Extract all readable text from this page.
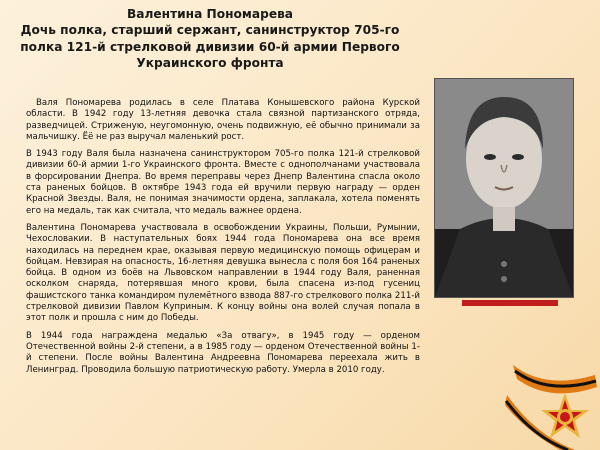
Валентина Пономарева
Дочь полка, старший сержант, санинструктор 705-го
полка 121-й стрелковой дивизии 60-й армии Первого
Украинского фронта

Валя Пономарева родилась в селе Платава Конышевского района Курской области. В 1942 году 13-летняя девочка стала связной партизанского отряда, разведчицей. Стриженую, неугомонную, очень подвижную, её обычно принимали за мальчишку. Ёё не раз выручал маленький рост.

В 1943 году Валя была назначена санинструктором 705-го полка 121-й стрелковой дивизии 60-й армии 1-го Украинского фронта. Вместе с однополчанами участвовала в форсировании Днепра. Во время переправы через Днепр Валентина спасла около ста раненых бойцов. В октябре 1943 года ей вручили первую награду — орден Красной Звезды. Валя, не понимая значимости ордена, заплакала, хотела поменять его на медаль, так как считала, что медаль важнее ордена.

Валентина Пономарева участвовала в освобождении Украины, Польши, Румынии, Чехословакии. В наступательных боях 1944 года Пономарева она все время находилась на переднем крае, оказывая первую медицинскую помощь офицерам и бойцам. Невзирая на опасность, 16-летняя девушка вынесла с поля боя 164 раненых бойца. В одном из боёв на Львовском направлении в 1944 году Валя, раненная осколком снаряда, потерявшая много крови, была спасена из-под гусениц фашистского танка командиром пулемётного взвода 887-го стрелкового полка 211-й стрелковой дивизии Павлом Куприным. К концу войны она волей случая попала в этот полк и прошла с ним до Победы.

В 1944 года награждена медалью «За отвагу», в 1945 году — орденом Отечественной войны 2-й степени, а в 1985 году — орденом Отечественной войны 1-й степени. После войны Валентина Андреевна Пономарева переехала жить в Ленинград. Проводила большую патриотическую работу. Умерла в 2010 году.
